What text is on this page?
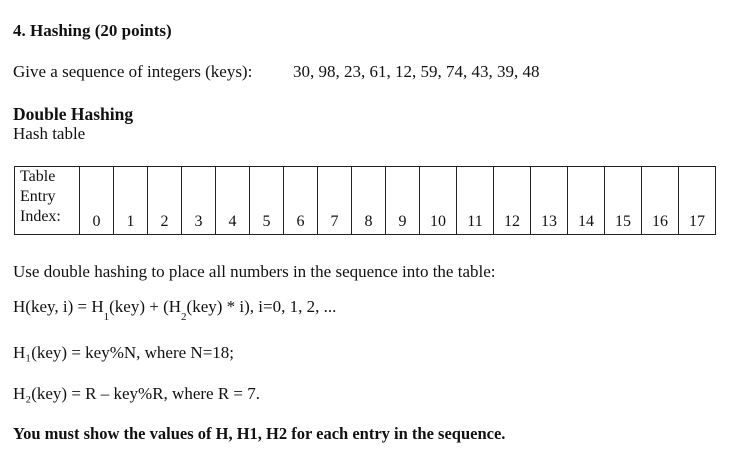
4. Hashing (20 points)
Give a sequence of integers (keys): 30, 98, 23, 61, 12, 59, 74, 43, 39, 48
Double Hashing
Hash table
Table
Entry
Index:	0	1	2	3	4	5	6	7	8	9	10	11	12	13	14	15	16	17
Use double hashing to place all numbers in the sequence into the table:
H(key, $i) = H_1(key) + (H_2(key) * i)$, i=0, 1, 2, ...
H₁(key) = key%N, where N=18;
H₂(key) = R – key%R, where R = 7.
You must show the values of H, H1, H2 for each entry in the sequence.
